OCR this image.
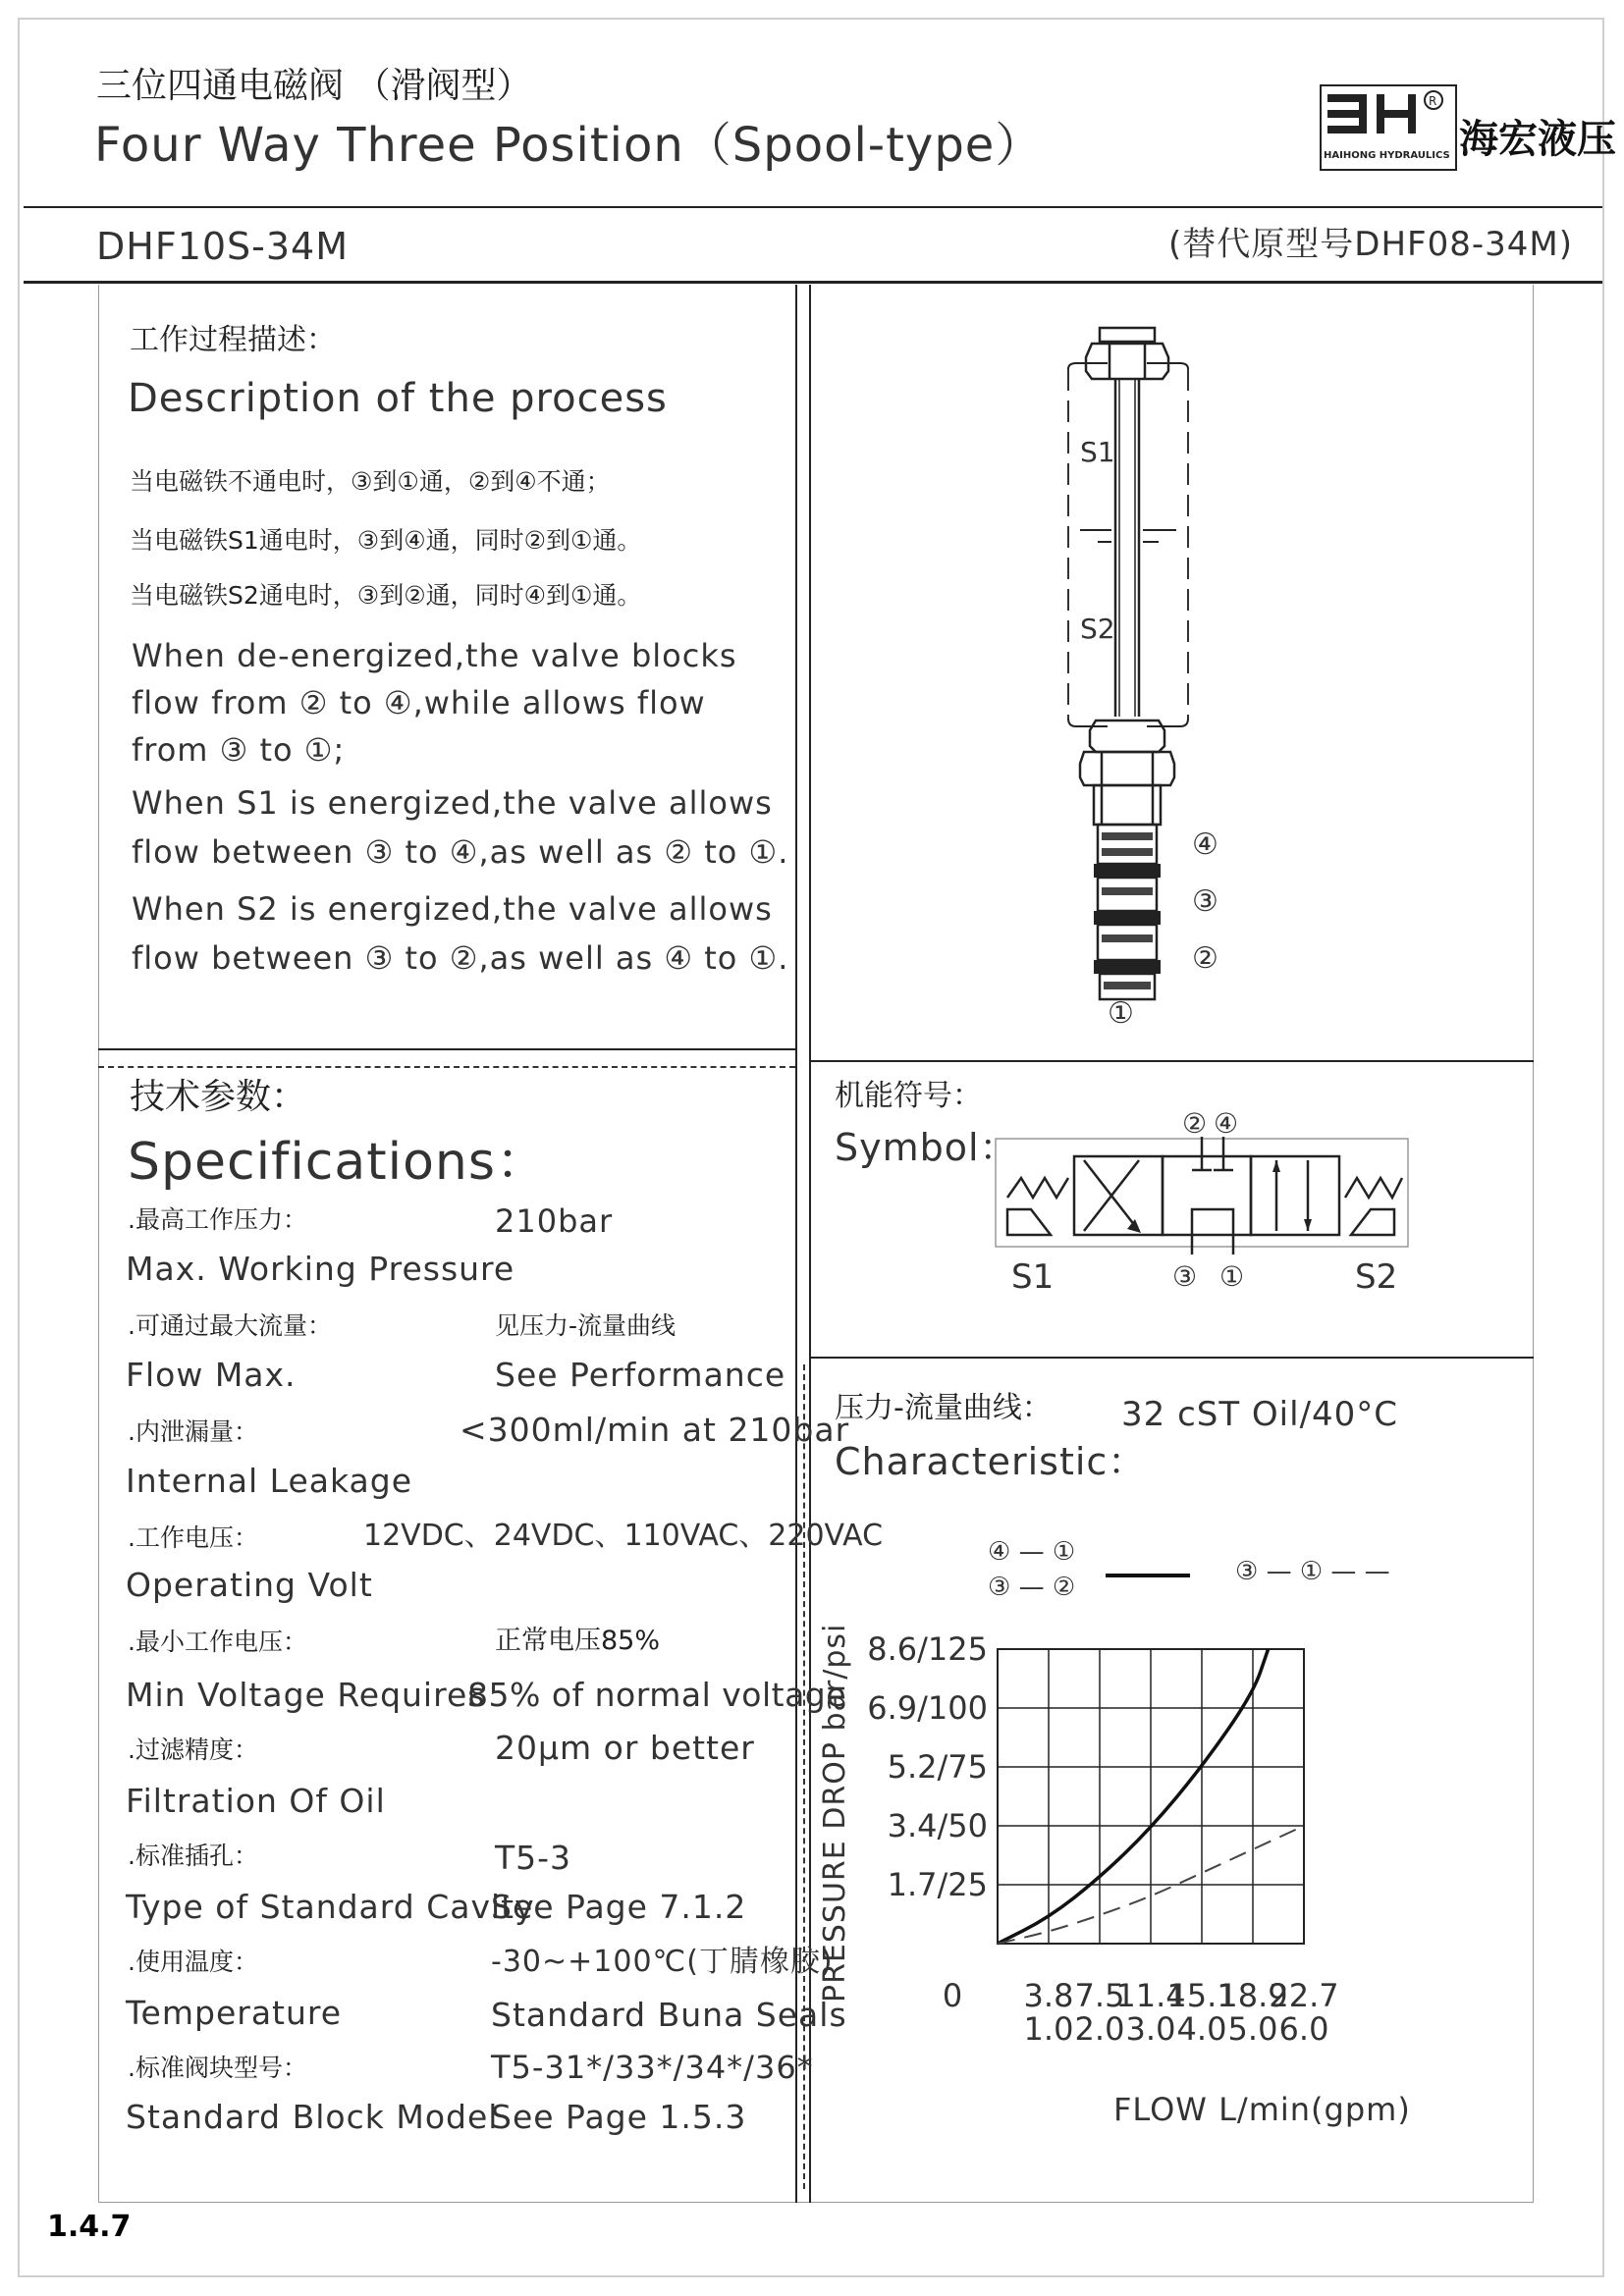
三位四通电磁阀 （滑阀型）
Four Way Three Position（Spool-type）
R
HAIHONG HYDRAULICS 海宏液压
DHF10S-34M	(替代原型号DHF08-34M)
工作过程描述：
Description of the process
当电磁铁不通电时，③到①通，②到④不通；
当电磁铁S1通电时，③到④通，同时②到①通。
当电磁铁S2通电时，③到②通，同时④到①通。
When de-energized,the valve blocks
flow from ② to ④,while allows flow
from ③ to ①;
When S1 is energized,the valve allows
flow between ③ to ④,as well as ② to ①.
When S2 is energized,the valve allows
flow between ③ to ②,as well as ④ to ①.
S1
S2
④
③
②
①
技术参数：
Specifications：
.最高工作压力：	210bar
Max. Working Pressure
.可通过最大流量：	见压力-流量曲线
Flow Max.	See Performance
.内泄漏量：	<300ml/min at 210bar
Internal Leakage
.工作电压：	12VDC、24VDC、110VAC、220VAC
Operating Volt
.最小工作电压：	正常电压85%
Min Voltage Requires
85% of normal voltage
.过滤精度：	20μm or better
Filtration Of Oil
.标准插孔：	T5-3
Type of Standard Cavity
See Page 7.1.2
.使用温度：	-30~+100℃(丁腈橡胶)
Temperature	Standard Buna Seals
.标准阀块型号：	T5-31*/33*/34*/36*
Standard Block Model
See Page 1.5.3
机能符号：
Symbol：
② ④
③ ①
S1	S2
压力-流量曲线：
Characteristic：
32 cST Oil/40°C
④ — ①
③ — ②
③ — ① — —
1.7/25
3.4/50
5.2/75
6.9/100
8.6/125
3.8 7.5
11.4
15.1
18.9
22.7
1.0 2.0 3.0 4.0 5.0 6.0
0
PRESSURE DROP bar/psi
FLOW L/min(gpm)
1.4.7
